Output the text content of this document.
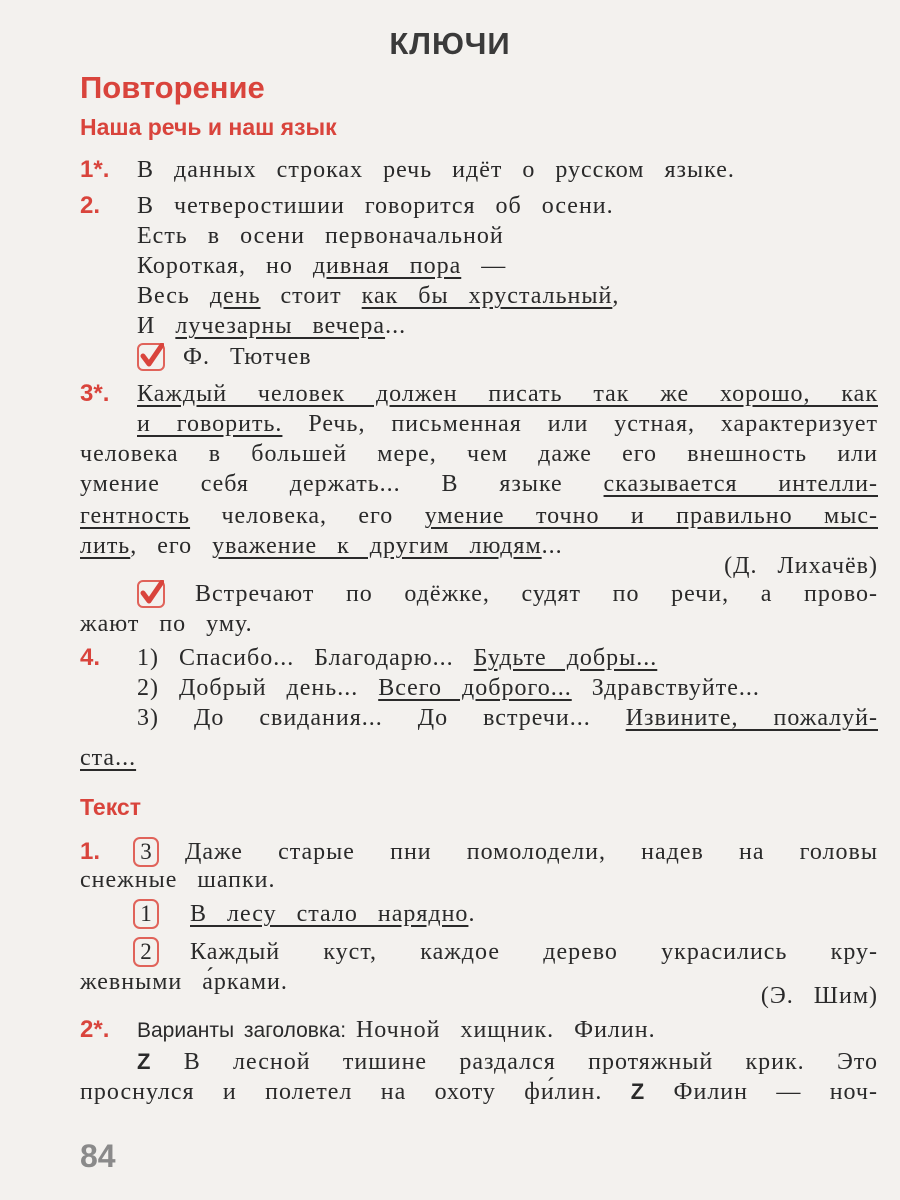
КЛЮЧИ
Повторение
Наша речь и наш язык
Текст
1*. В данных строках речь идёт о русском языке.
2. В четверостишии говорится об осени.
Есть в осени первоначальной
Короткая, но дивная пора —
Весь день стоит как бы хрустальный,
И лучезарны вечера...
Ф. Тютчев
3*. Каждый человек должен писать так же хорошо, как
и говорить. Речь, письменная или устная, характеризует
человека в большей мере, чем даже его внешность или
умение себя держать... В языке сказывается интелли-
гентность человека, его умение точно и правильно мыс-
лить, его уважение к другим людям...
(Д. Лихачёв)
Встречают по одёжке, судят по речи, а прово-
жают по уму.
4. 1) Спасибо... Благодарю... Будьте добры...
2) Добрый день... Всего доброго... Здравствуйте...
3) До свидания... До встречи... Извините, пожалуй-
ста...
1.	3	Даже старые пни помолодели, надев на головы
снежные шапки.
1	В лесу стало нарядно.
2	Каждый куст, каждое дерево украсились кру-
жевными а́рками.
(Э. Шим)
2*. Варианты заголовка: Ночной хищник. Филин.
Z В лесной тишине раздался протяжный крик. Это
проснулся и полетел на охоту фи́лин. Z Филин — ноч-
84
